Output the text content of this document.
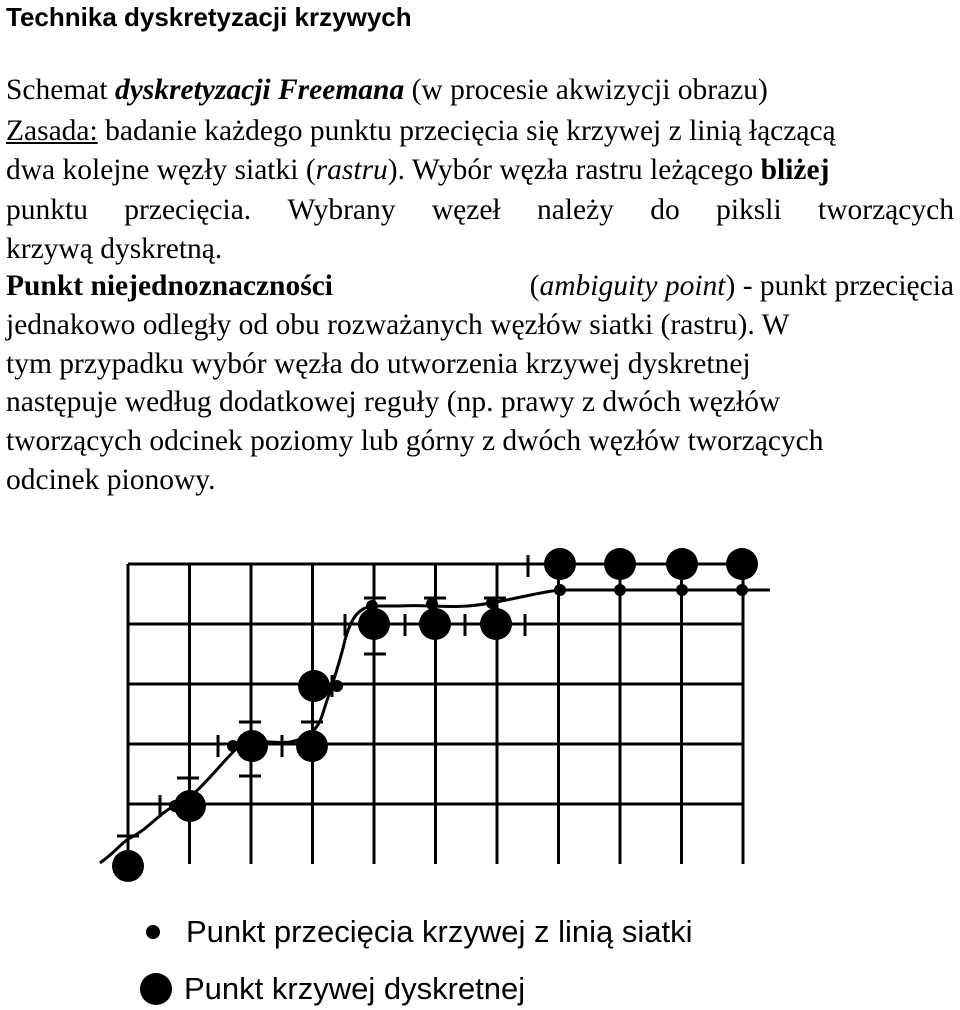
Technika dyskretyzacji krzywych
Schemat dyskretyzacji Freemana (w procesie akwizycji obrazu)
Zasada: badanie każdego punktu przecięcia się krzywej z linią łączącą
dwa kolejne węzły siatki (rastru). Wybór węzła rastru leżącego bliżej
punktu przecięcia. Wybrany węzeł należy do piksli tworzących
krzywą dyskretną.
Punkt niejednoznaczności	(ambiguity point) - punkt przecięcia
jednakowo odległy od obu rozważanych węzłów siatki (rastru). W
tym przypadku wybór węzła do utworzenia krzywej dyskretnej
następuje według dodatkowej reguły (np. prawy z dwóch węzłów
tworzących odcinek poziomy lub górny z dwóch węzłów tworzących
odcinek pionowy.
Punkt przecięcia krzywej z linią siatki
Punkt krzywej dyskretnej
